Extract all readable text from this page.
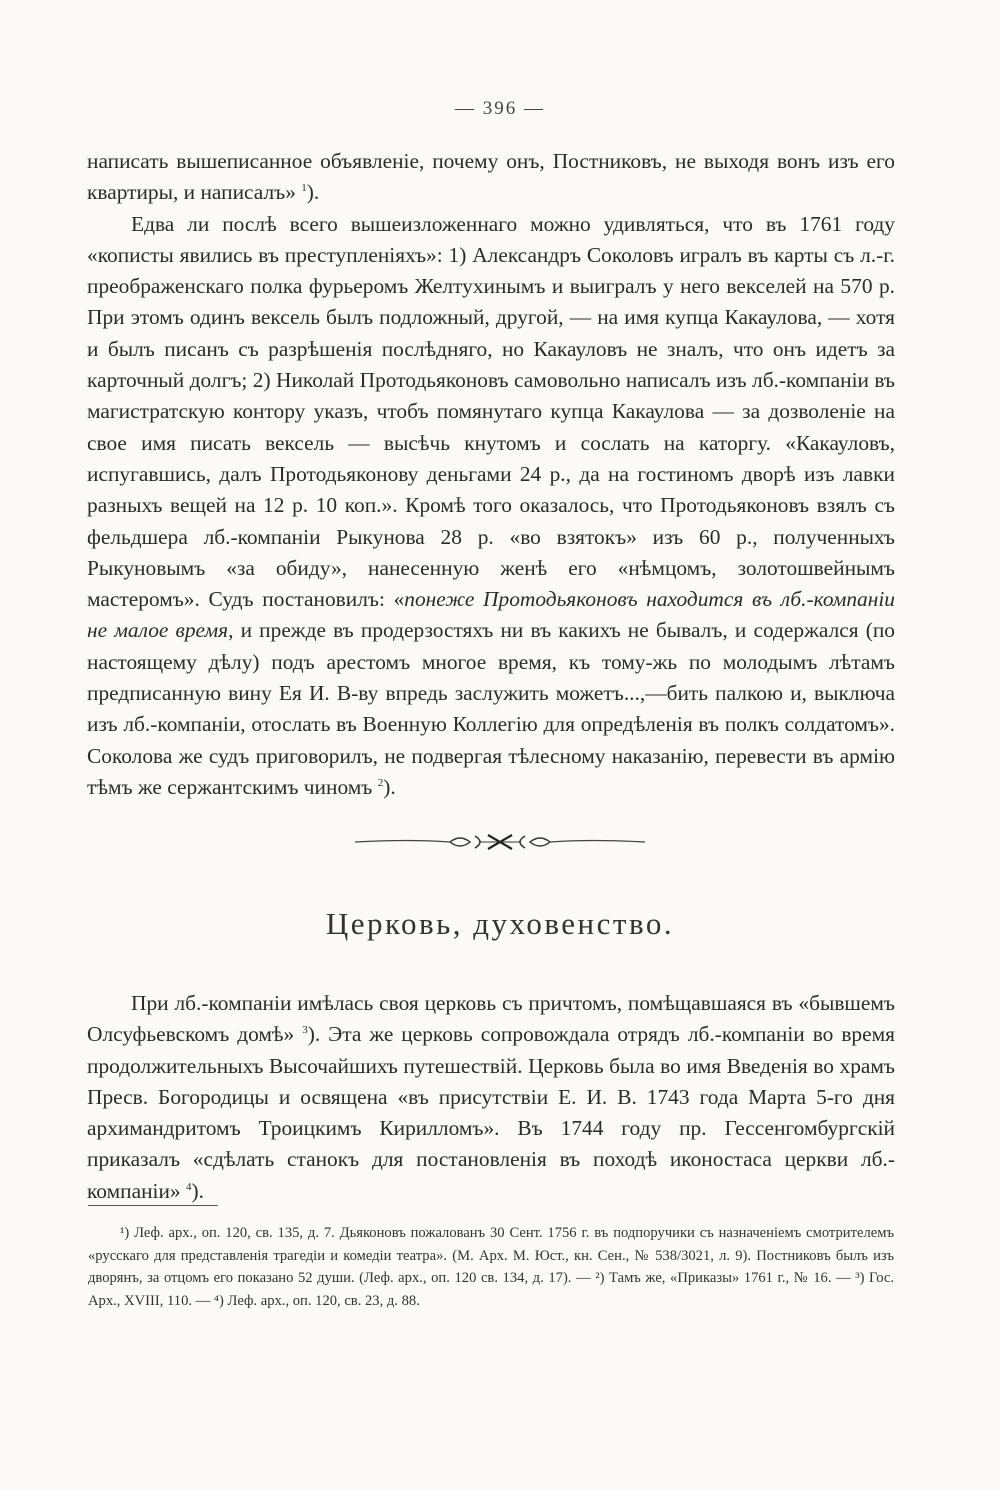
— 396 —

написать вышеписанное объявленіе, почему онъ, Постниковъ, не выходя вонъ изъ его квартиры, и написалъ» $^1$).

Едва ли послѣ всего вышеизложеннаго можно удивляться, что въ 1761 году «кописты явились въ преступленіяхъ»: 1) Александръ Соколовъ игралъ въ карты съ л.-г. преображенскаго полка фурьеромъ Желтухинымъ и выигралъ у него векселей на 570 р. При этомъ одинъ вексель былъ подложный, другой, — на имя купца Какаулова, — хотя и былъ писанъ съ разрѣшенія послѣдняго, но Какауловъ не зналъ, что онъ идетъ за карточный долгъ; 2) Николай Протодьяконовъ самовольно написалъ изъ лб.-компаніи въ магистратскую контору указъ, чтобъ помянутаго купца Какаулова — за дозволеніе на свое имя писать вексель — высѣчь кнутомъ и сослать на каторгу. «Какауловъ, испугавшись, далъ Протодьяконову деньгами 24 р., да на гостиномъ дворѣ изъ лавки разныхъ вещей на 12 р. 10 коп.». Кромѣ того оказалось, что Протодьяконовъ взялъ съ фельдшера лб.-компаніи Рыкунова 28 р. «во взятокъ» изъ 60 р., полученныхъ Рыкуновымъ «за обиду», нанесенную женѣ его «нѣмцомъ, золотошвейнымъ мастеромъ». Судъ постановилъ: «понеже Протодьяконовъ находится въ лб.-компаніи не малое время, и прежде въ продерзостяхъ ни въ какихъ не бывалъ, и содержался (по настоящему дѣлу) подъ арестомъ многое время, къ тому-жь по молодымъ лѣтамъ предписанную вину Ея И. В-ву впредь заслужить можетъ...,—бить палкою и, выключа изъ лб.-компаніи, отослать въ Военную Коллегію для опредѣленія въ полкъ солдатомъ». Соколова же судъ приговорилъ, не подвергая тѣлесному наказанію, перевести въ армію тѣмъ же сержантскимъ чиномъ $^2$).

Церковь, духовенство.

При лб.-компаніи имѣлась своя церковь съ причтомъ, помѣщавшаяся въ «бывшемъ Олсуфьевскомъ домѣ» $^3$). Эта же церковь сопровождала отрядъ лб.-компаніи во время продолжительныхъ Высочайшихъ путешествій. Церковь была во имя Введенія во храмъ Пресв. Богородицы и освящена «въ присутствіи Е. И. В. 1743 года Марта 5-го дня архимандритомъ Троицкимъ Кирилломъ». Въ 1744 году пр. Гессенгомбургскій приказалъ «сдѣлать станокъ для постановленія въ походѣ иконостаса церкви лб.-компаніи» $^4$).

¹) Леф. арх., оп. 120, св. 135, д. 7. Дьяконовъ пожалованъ 30 Сент. 1756 г. въ подпоручики съ назначеніемъ смотрителемъ «русскаго для представленія трагедіи и комедіи театра». (М. Арх. М. Юст., кн. Сен., № 538/3021, л. 9). Постниковъ былъ изъ дворянъ, за отцомъ его показано 52 души. (Леф. арх., оп. 120 св. 134, д. 17). — ²) Тамъ же, «Приказы» 1761 г., № 16. — ³) Гос. Арх., XVIII, 110. — ⁴) Леф. арх., оп. 120, св. 23, д. 88.
